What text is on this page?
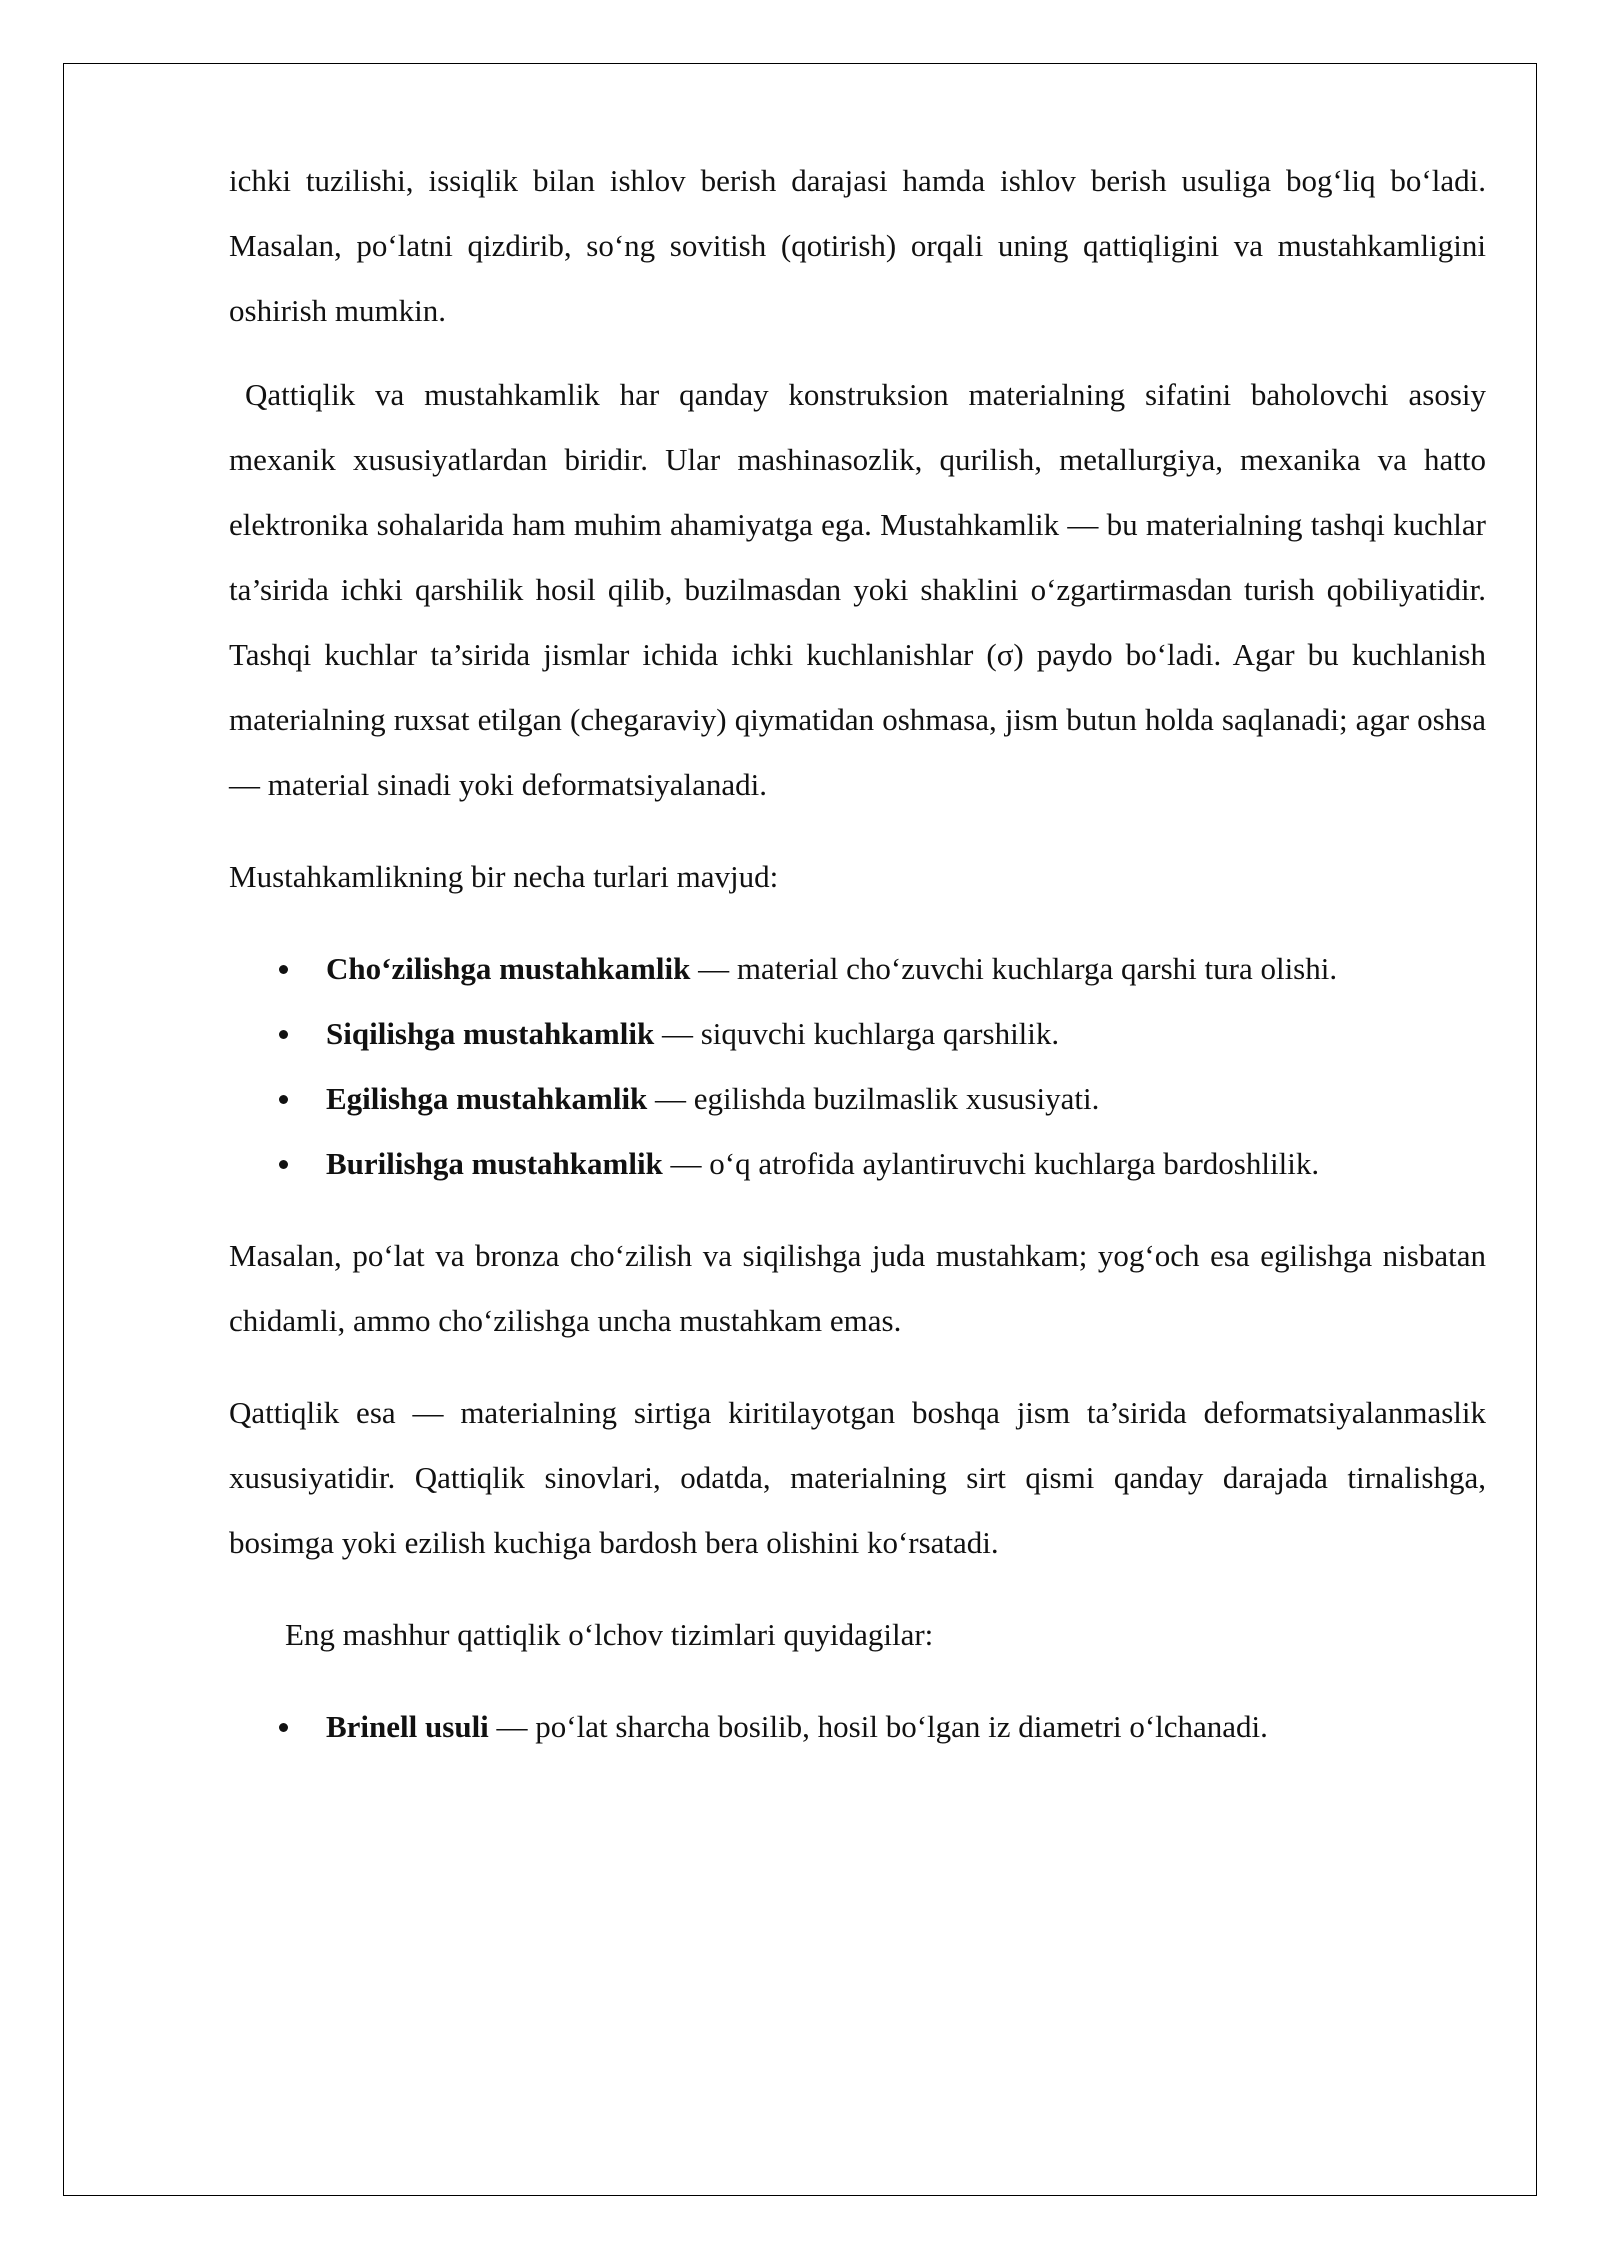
ichki tuzilishi, issiqlik bilan ishlov berish darajasi hamda ishlov berish usuliga bog‘liq bo‘ladi. Masalan, po‘latni qizdirib, so‘ng sovitish (qotirish) orqali uning qattiqligini va mustahkamligini oshirish mumkin.

Qattiqlik va mustahkamlik har qanday konstruksion materialning sifatini baholovchi asosiy mexanik xususiyatlardan biridir. Ular mashinasozlik, qurilish, metallurgiya, mexanika va hatto elektronika sohalarida ham muhim ahamiyatga ega. Mustahkamlik — bu materialning tashqi kuchlar ta’sirida ichki qarshilik hosil qilib, buzilmasdan yoki shaklini o‘zgartirmasdan turish qobiliyatidir. Tashqi kuchlar ta’sirida jismlar ichida ichki kuchlanishlar (σ) paydo bo‘ladi. Agar bu kuchlanish materialning ruxsat etilgan (chegaraviy) qiymatidan oshmasa, jism butun holda saqlanadi; agar oshsa — material sinadi yoki deformatsiyalanadi.

Mustahkamlikning bir necha turlari mavjud:

Cho‘zilishga mustahkamlik — material cho‘zuvchi kuchlarga qarshi tura olishi.
Siqilishga mustahkamlik — siquvchi kuchlarga qarshilik.
Egilishga mustahkamlik — egilishda buzilmaslik xususiyati.
Burilishga mustahkamlik — o‘q atrofida aylantiruvchi kuchlarga bardoshlilik.

Masalan, po‘lat va bronza cho‘zilish va siqilishga juda mustahkam; yog‘och esa egilishga nisbatan chidamli, ammo cho‘zilishga uncha mustahkam emas.

Qattiqlik esa — materialning sirtiga kiritilayotgan boshqa jism ta’sirida deformatsiyalanmaslik xususiyatidir. Qattiqlik sinovlari, odatda, materialning sirt qismi qanday darajada tirnalishga, bosimga yoki ezilish kuchiga bardosh bera olishini ko‘rsatadi.

Eng mashhur qattiqlik o‘lchov tizimlari quyidagilar:

Brinell usuli — po‘lat sharcha bosilib, hosil bo‘lgan iz diametri o‘lchanadi.
